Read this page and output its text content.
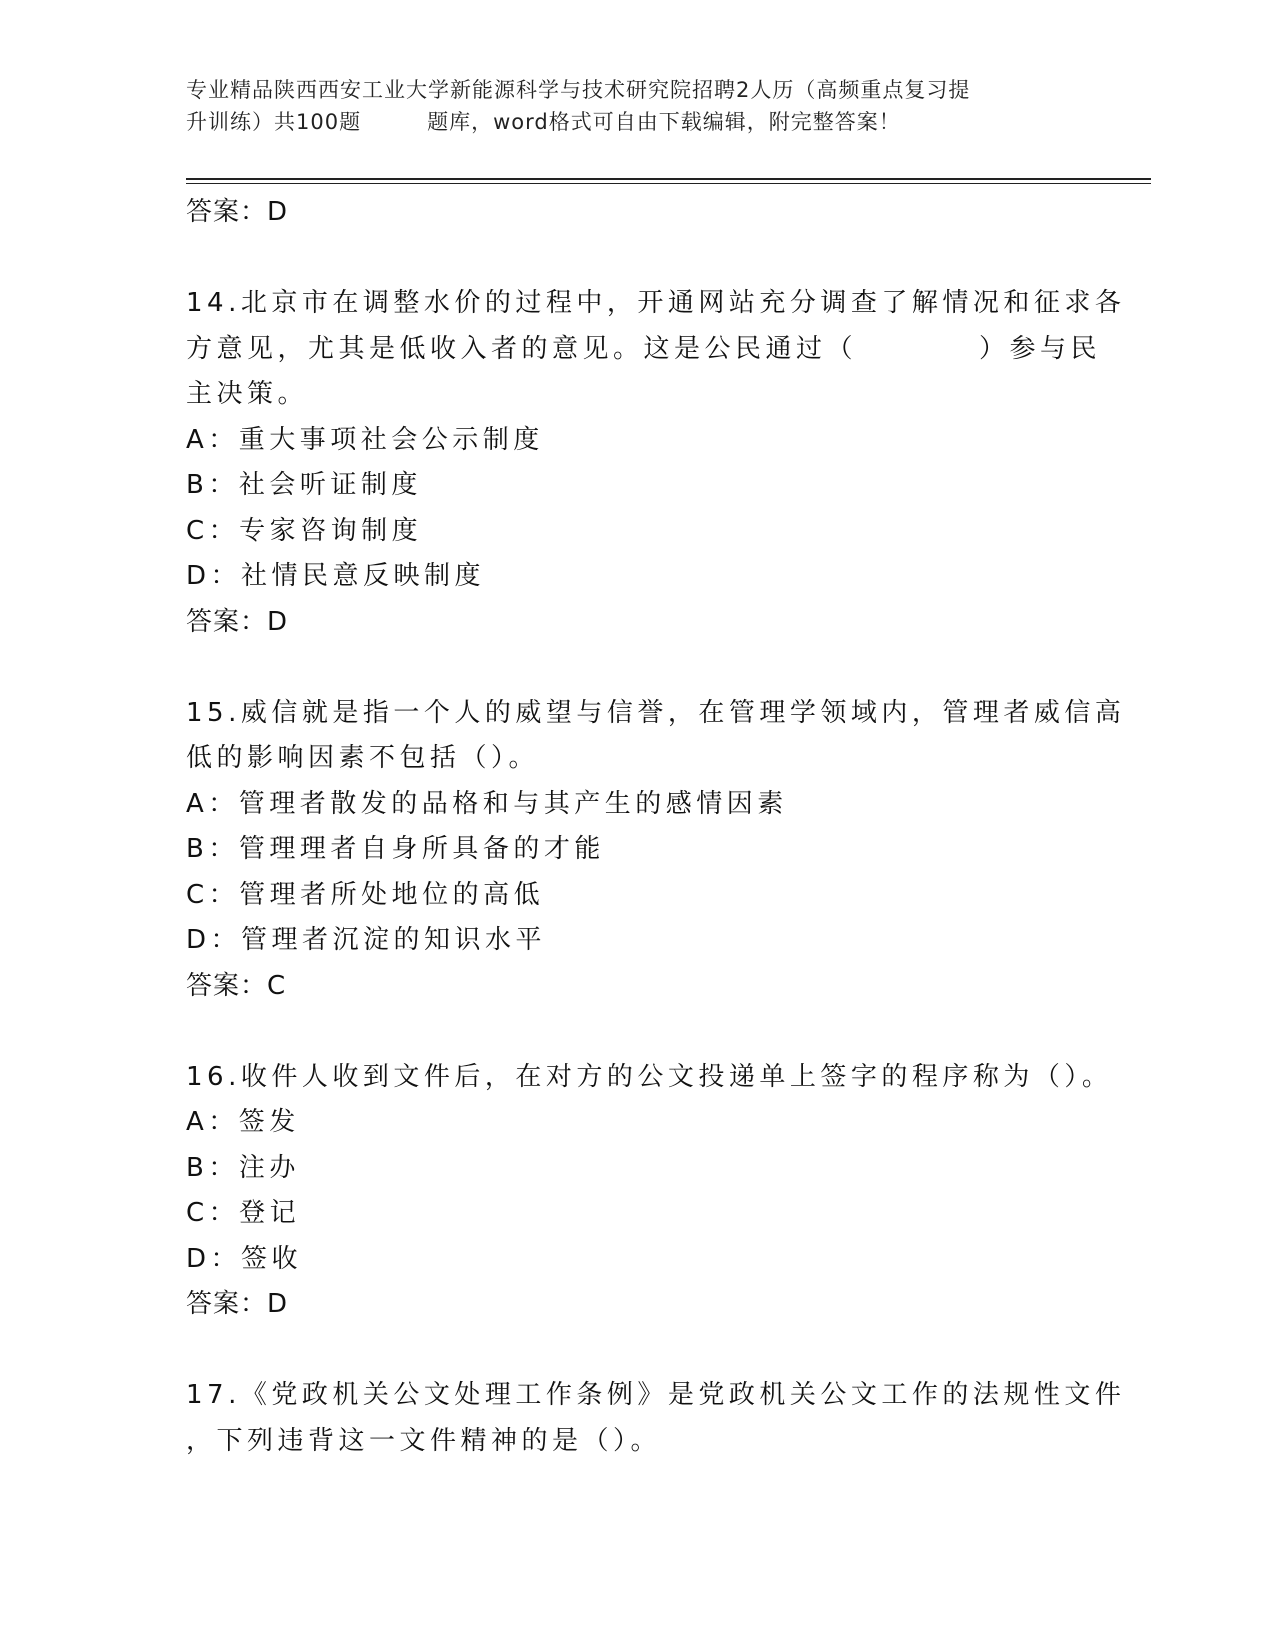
专业精品陕西西安工业大学新能源科学与技术研究院招聘2人历（高频重点复习提
升训练）共100题　　　题库，word格式可自由下载编辑，附完整答案！
答案：D
14.北京市在调整水价的过程中，开通网站充分调查了解情况和征求各
方意见，尤其是低收入者的意见。这是公民通过（　　　　）参与民
主决策。
A：重大事项社会公示制度
B：社会听证制度
C：专家咨询制度
D：社情民意反映制度
答案：D
15.威信就是指一个人的威望与信誉，在管理学领域内，管理者威信高
低的影响因素不包括（）。
A：管理者散发的品格和与其产生的感情因素
B：管理理者自身所具备的才能
C：管理者所处地位的高低
D：管理者沉淀的知识水平
答案：C
16.收件人收到文件后，在对方的公文投递单上签字的程序称为（）。
A：签发
B：注办
C：登记
D：签收
答案：D
17.《党政机关公文处理工作条例》是党政机关公文工作的法规性文件
，下列违背这一文件精神的是（）。
